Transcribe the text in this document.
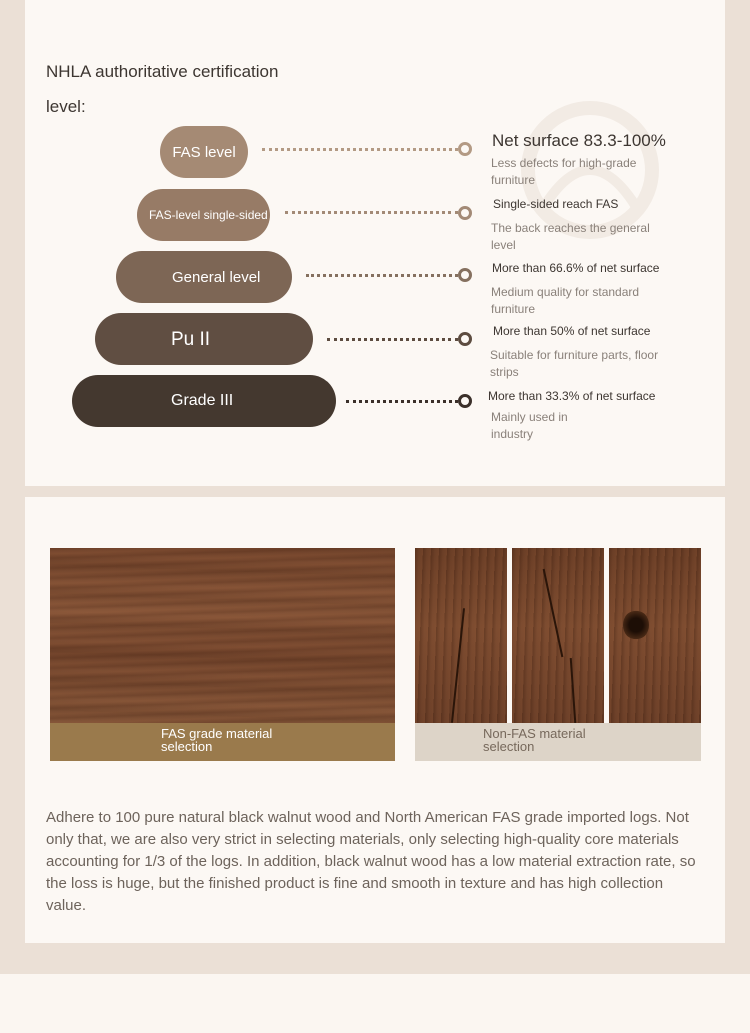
NHLA authoritative certification
level:
FAS level
FAS-level single-sided
General level
Pu II
Grade III
Net surface 83.3-100%
Less defects for high-grade furniture
Single-sided reach FAS
The back reaches the general level
More than 66.6% of net surface
Medium quality for standard furniture
More than 50% of net surface
Suitable for furniture parts, floor strips
More than 33.3% of net surface
Mainly used in industry
FAS grade material
selection
Non-FAS material
selection
Adhere to 100 pure natural black walnut wood and North American FAS grade imported logs. Not only that, we are also very strict in selecting materials, only selecting high-quality core materials accounting for 1/3 of the logs. In addition, black walnut wood has a low material extraction rate, so the loss is huge, but the finished product is fine and smooth in texture and has high collection value.
